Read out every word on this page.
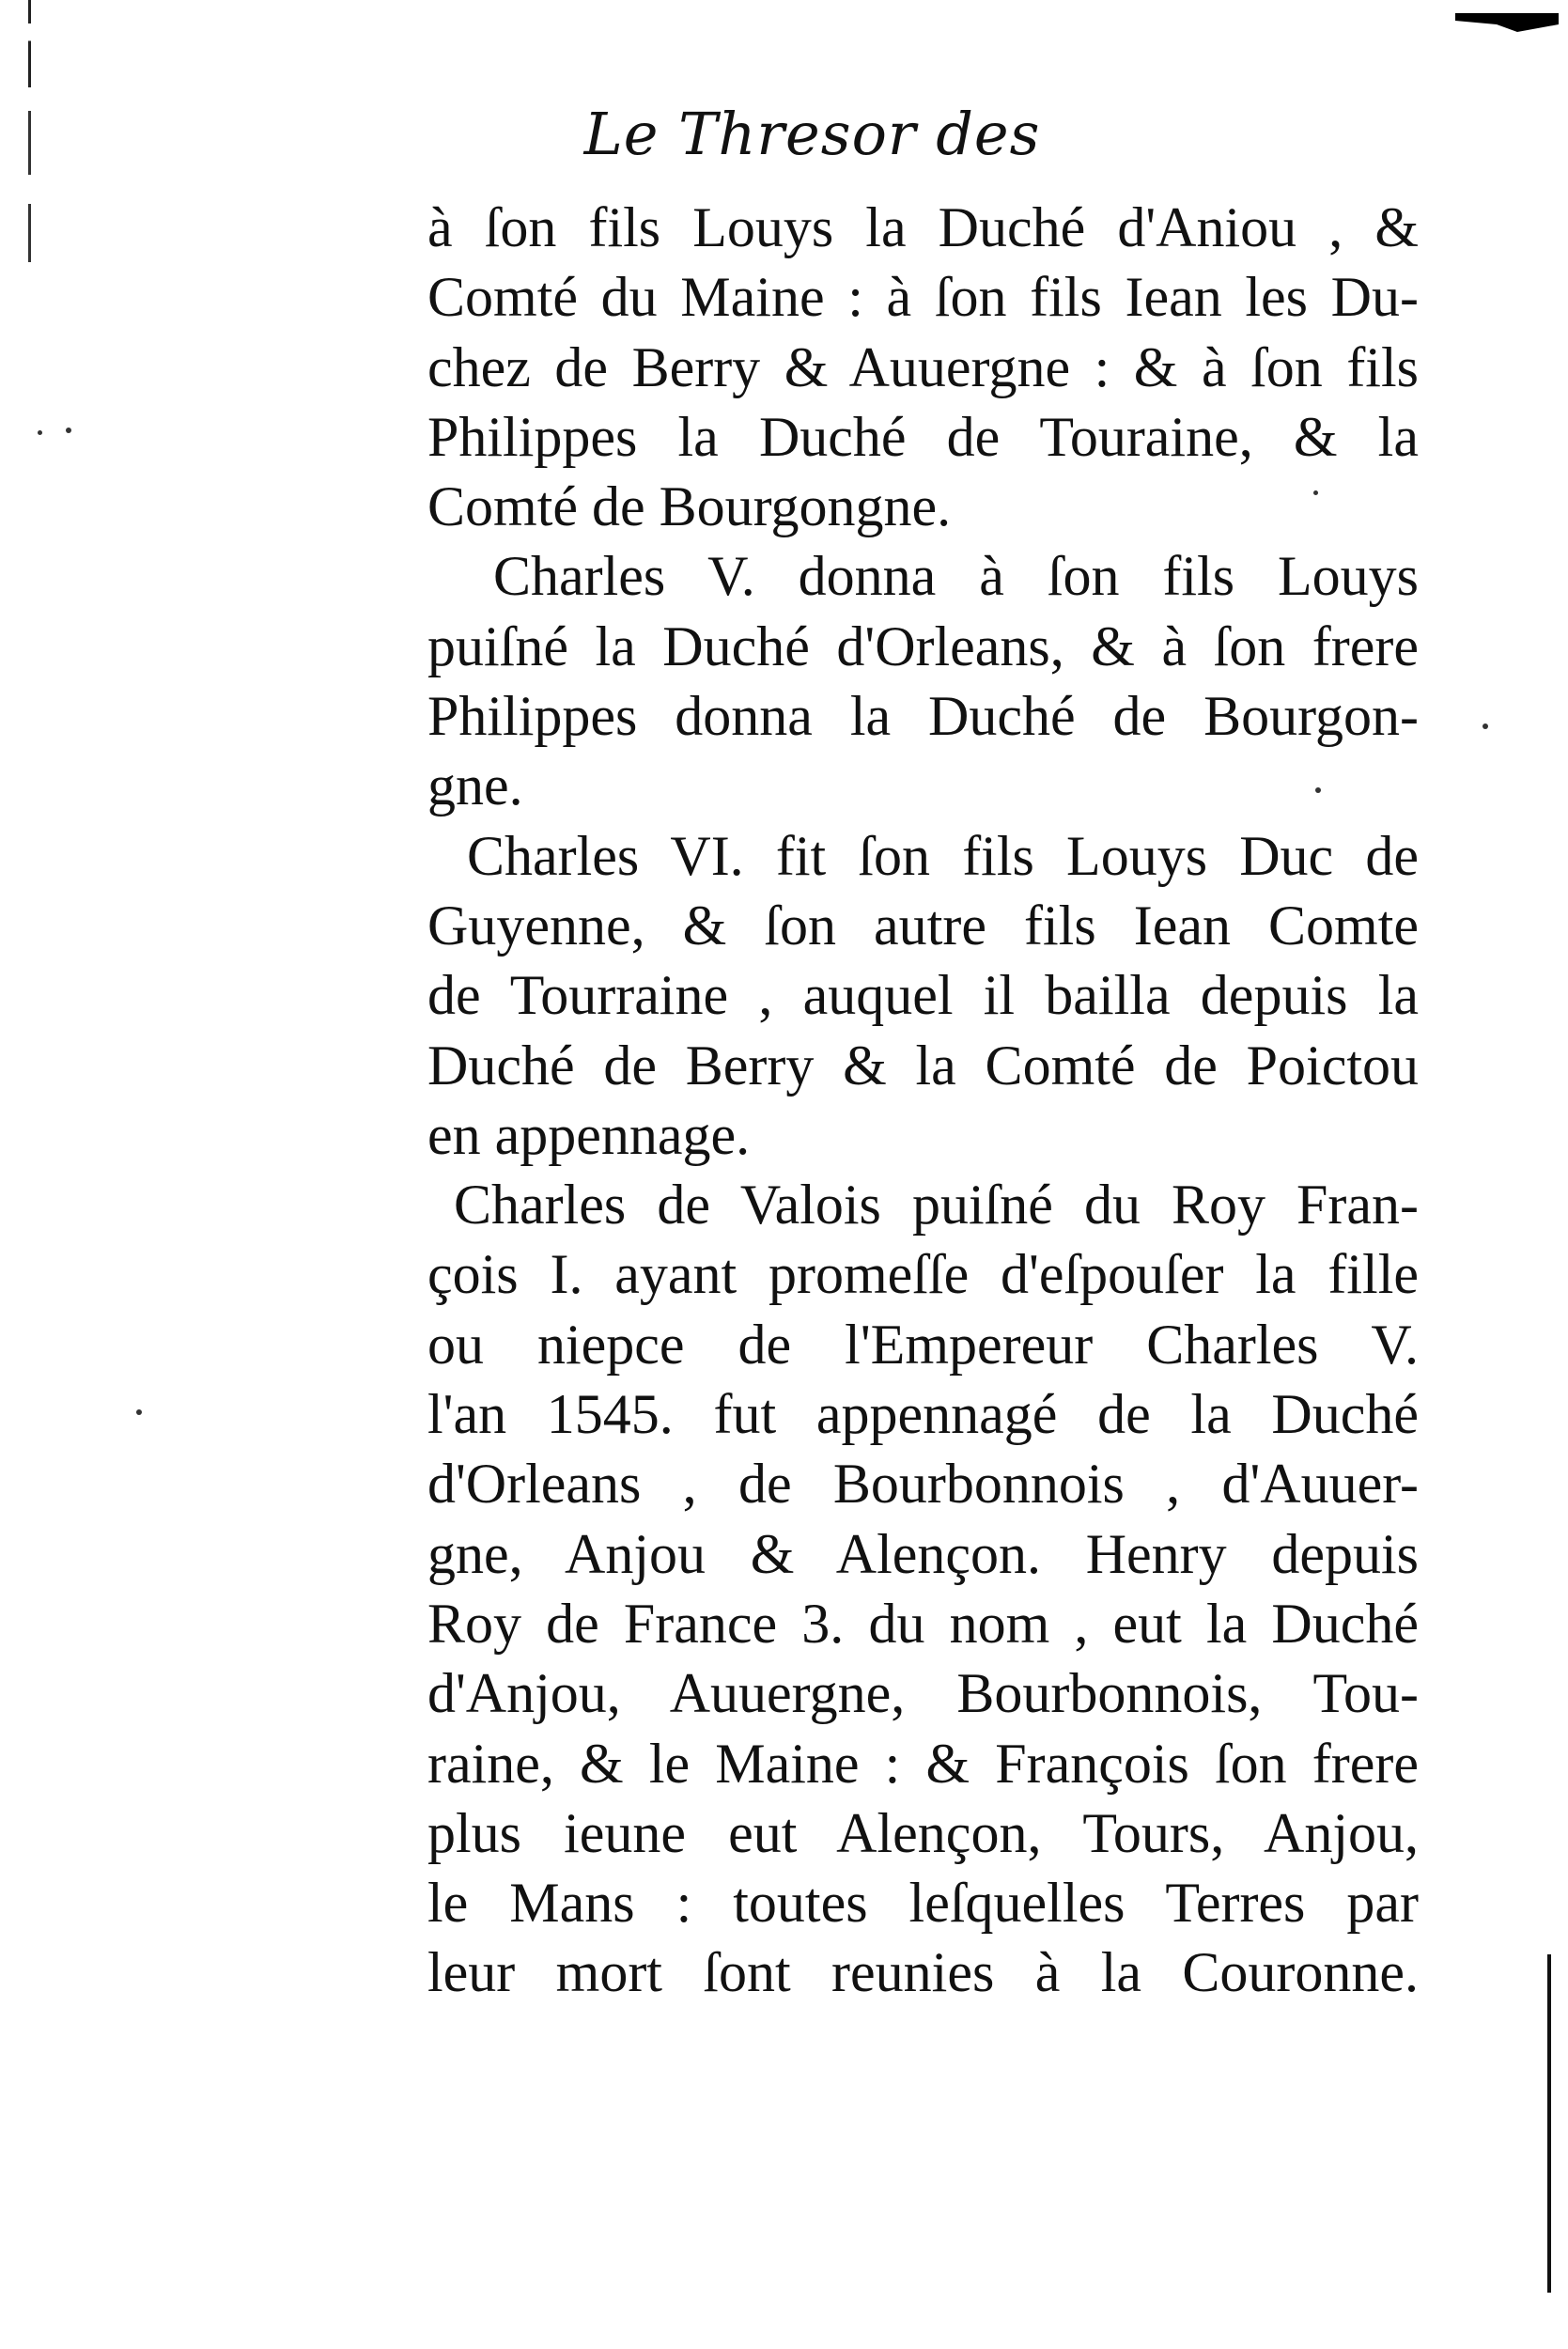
Le Thresor des
à ſon fils Louys la Duché d'Aniou , &
Comté du Maine : à ſon fils Iean les Du-
chez de Berry & Auuergne : & à ſon fils
Philippes la Duché de Touraine, & la
Comté de Bourgongne.
Charles V. donna à ſon fils Louys
puiſné la Duché d'Orleans, & à ſon frere
Philippes donna la Duché de Bourgon-
gne.
Charles VI. fit ſon fils Louys Duc de
Guyenne, & ſon autre fils Iean Comte
de Tourraine , auquel il bailla depuis la
Duché de Berry & la Comté de Poictou
en appennage.
Charles de Valois puiſné du Roy Fran-
çois I. ayant promeſſe d'eſpouſer la fille
ou niepce de l'Empereur Charles V.
l'an 1545. fut appennagé de la Duché
d'Orleans , de Bourbonnois , d'Auuer-
gne, Anjou & Alençon. Henry depuis
Roy de France 3. du nom , eut la Duché
d'Anjou, Auuergne, Bourbonnois, Tou-
raine, & le Maine : & François ſon frere
plus ieune eut Alençon, Tours, Anjou,
le Mans : toutes leſquelles Terres par
leur mort ſont reunies à la Couronne.
